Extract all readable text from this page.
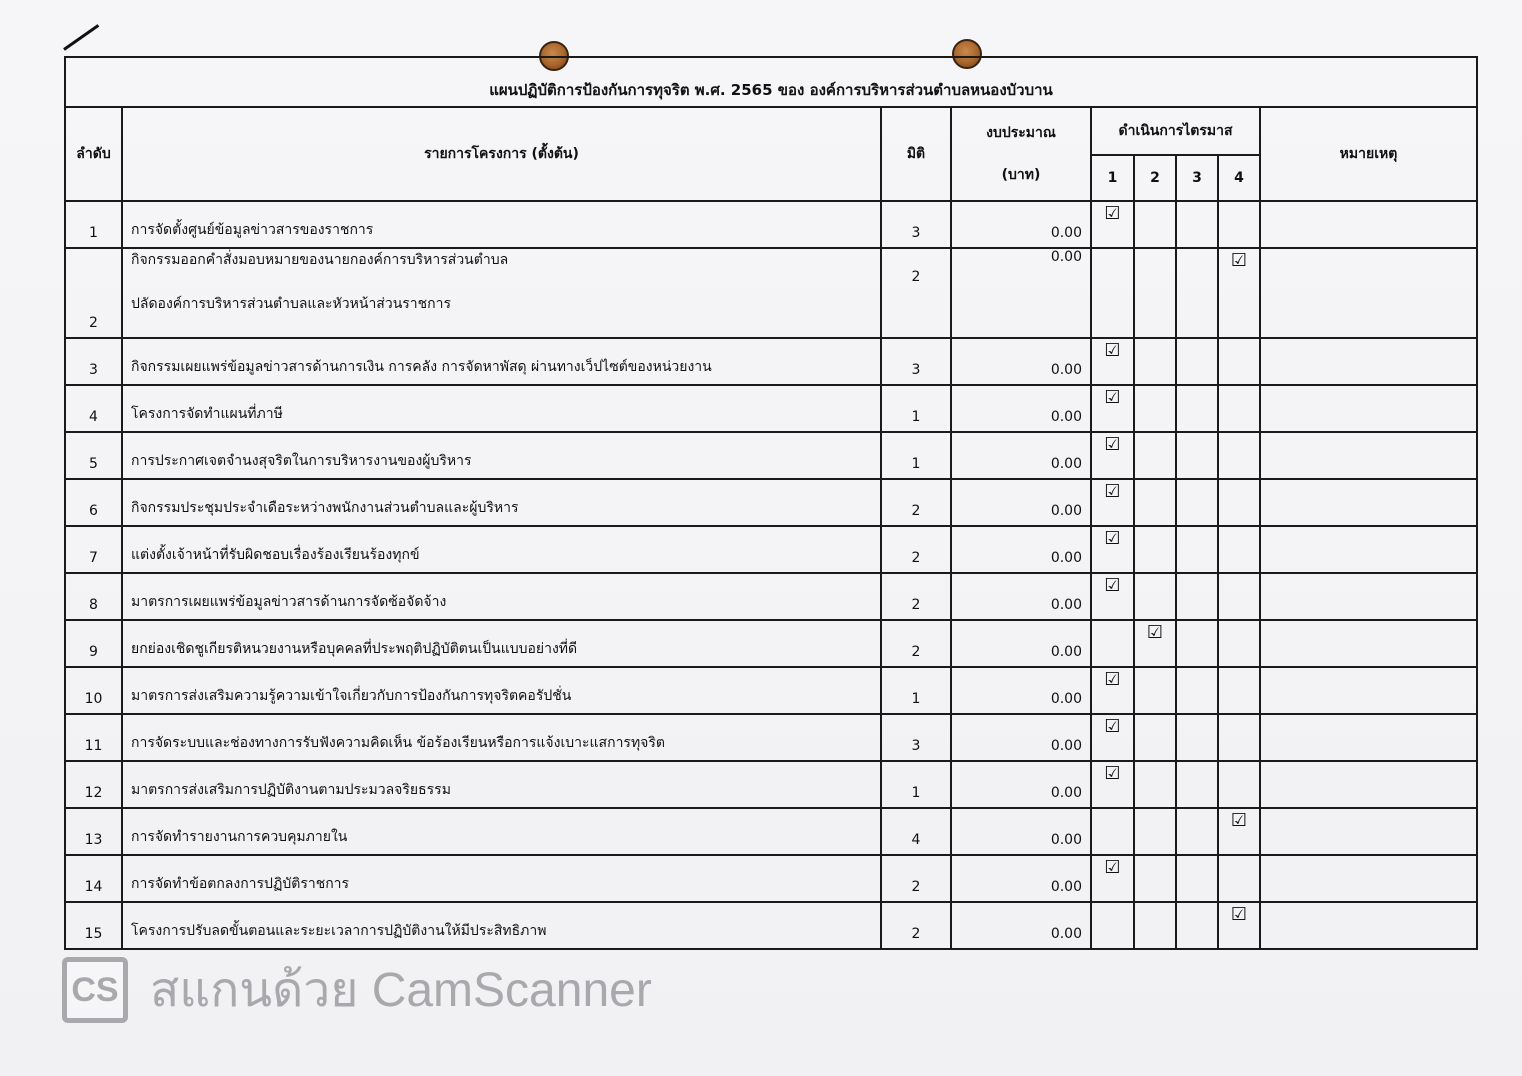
แผนปฏิบัติการป้องกันการทุจริต พ.ศ. 2565 ของ องค์การบริหารส่วนตำบลหนองบัวบาน								
ลำดับ	รายการโครงการ (ตั้งต้น)	มิติ	งบประมาณ
(บาท)	ดำเนินการไตรมาส				หมายเหตุ
				1	2	3	4	
1	การจัดตั้งศูนย์ข้อมูลข่าวสารของราชการ	3	0.00	☑				
2	กิจกรรมออกคำสั่งมอบหมายของนายกองค์การบริหารส่วนตำบล
ปลัดองค์การบริหารส่วนตำบลและหัวหน้าส่วนราชการ	2	0.00				☑	
3	กิจกรรมเผยแพร่ข้อมูลข่าวสารด้านการเงิน การคลัง การจัดหาพัสดุ ผ่านทางเว็ปไซต์ของหน่วยงาน	3	0.00	☑				
4	โครงการจัดทำแผนที่ภาษี	1	0.00	☑				
5	การประกาศเจตจำนงสุจริตในการบริหารงานของผู้บริหาร	1	0.00	☑				
6	กิจกรรมประชุมประจำเดือระหว่างพนักงานส่วนตำบลและผู้บริหาร	2	0.00	☑				
7	แต่งตั้งเจ้าหน้าที่รับผิดชอบเรื่องร้องเรียนร้องทุกข์	2	0.00	☑				
8	มาตรการเผยแพร่ข้อมูลข่าวสารด้านการจัดซ้อจัดจ้าง	2	0.00	☑				
9	ยกย่องเชิดชูเกียรติหนวยงานหรือบุคคลที่ประพฤติปฏิบัติตนเป็นแบบอย่างที่ดี	2	0.00		☑			
10	มาตรการส่งเสริมความรู้ความเข้าใจเกี่ยวกับการป้องกันการทุจริตคอรัปชั่น	1	0.00	☑				
11	การจัดระบบและช่องทางการรับฟังความคิดเห็น ข้อร้องเรียนหรือการแจ้งเบาะแสการทุจริต	3	0.00	☑				
12	มาตรการส่งเสริมการปฏิบัติงานตามประมวลจริยธรรม	1	0.00	☑				
13	การจัดทำรายงานการควบคุมภายใน	4	0.00				☑	
14	การจัดทำข้อตกลงการปฏิบัติราชการ	2	0.00	☑				
15	โครงการปรับลดขั้นตอนและระยะเวลาการปฏิบัติงานให้มีประสิทธิภาพ	2	0.00				☑	
CS สแกนด้วย CamScanner
